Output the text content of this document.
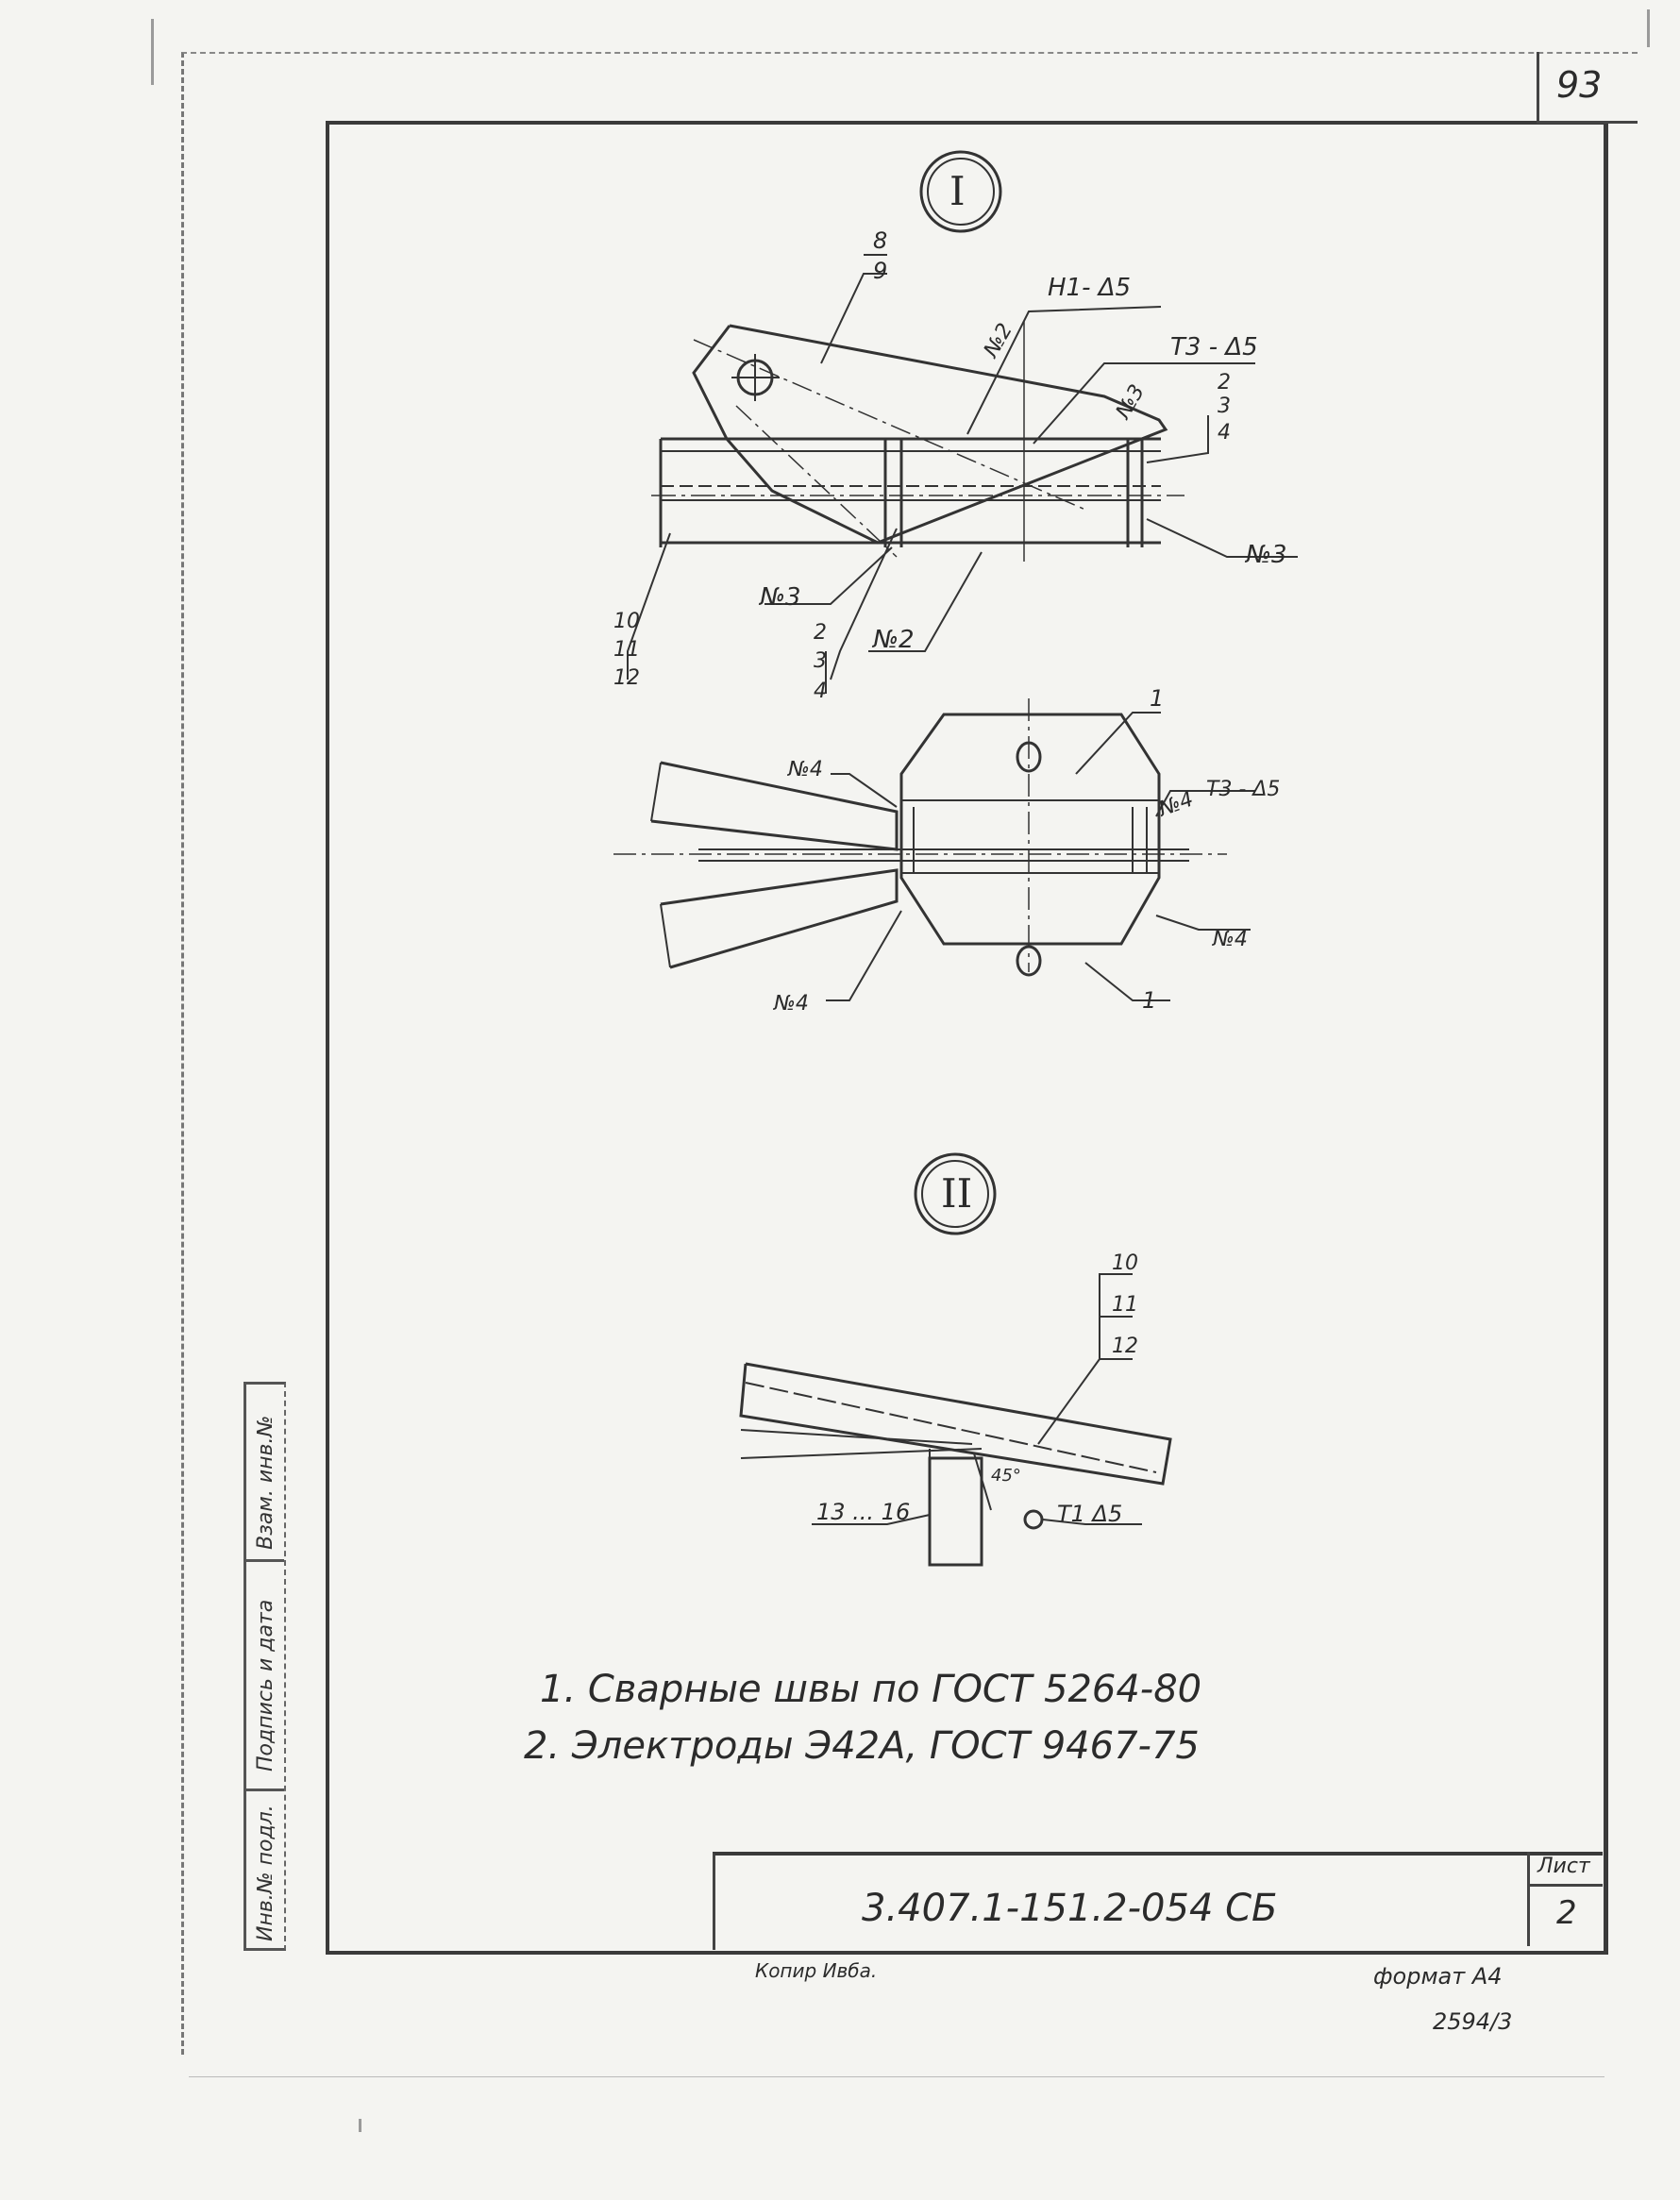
93
Взам. инв.№
Подпись и дата
Инв.№ подл.
I
II
8
9
Н1- Δ5
№2	Т3 - Δ5
№3	2
3
4
№3
№3
2
3
4
№2
10
11
12
1
№4
№4 Т3 - Δ5
№4
№4	1
10
11
12
45°
13 ... 16	Т1 Δ5
1. Сварные швы по ГОСТ 5264-80
2. Электроды Э42А, ГОСТ 9467-75
3.407.1-151.2-054 СБ
Лист
2
Копир Ивба.	формат А4
2594/3
